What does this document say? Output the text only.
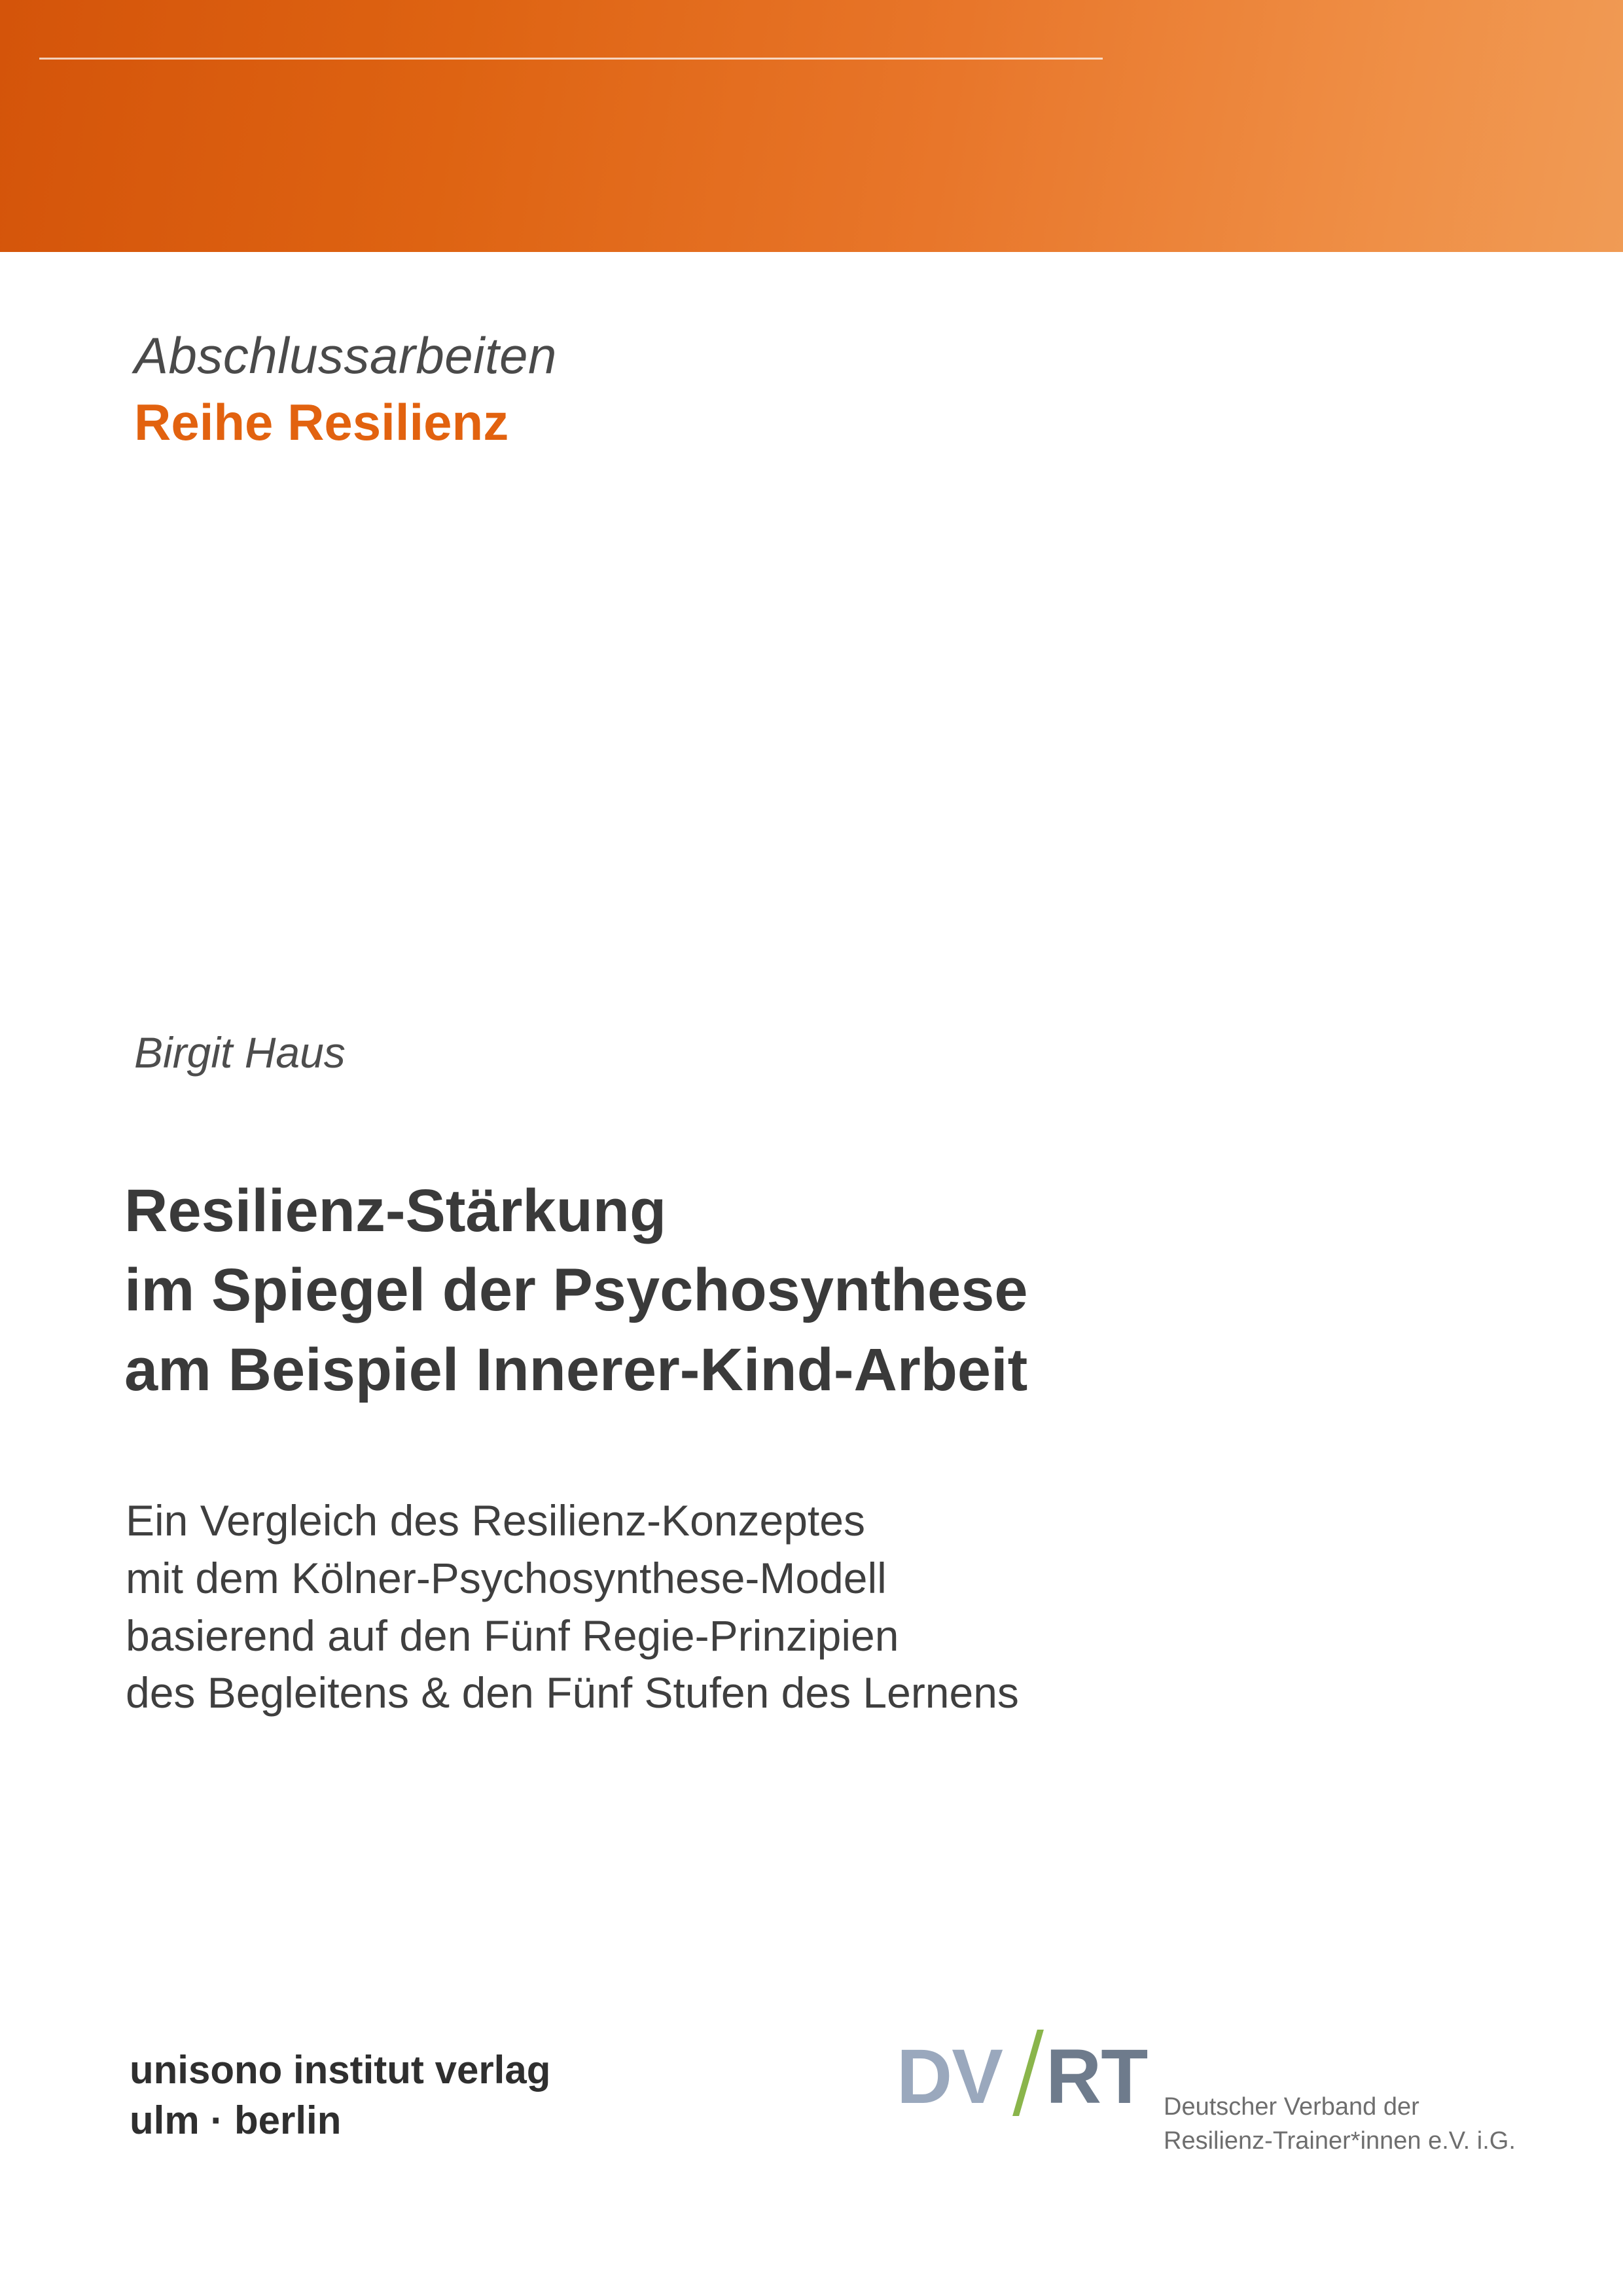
Abschlussarbeiten
Reihe Resilienz
Birgit Haus
Resilienz-Stärkung
im Spiegel der Psychosynthese
am Beispiel Innerer-Kind-Arbeit
Ein Vergleich des Resilienz-Konzeptes
mit dem Kölner-Psychosynthese-Modell
basierend auf den Fünf Regie-Prinzipien
des Begleitens & den Fünf Stufen des Lernens
unisono institut verlag
ulm · berlin
DV RT Deutscher Verband der
Resilienz-Trainer*innen e.V. i.G.
